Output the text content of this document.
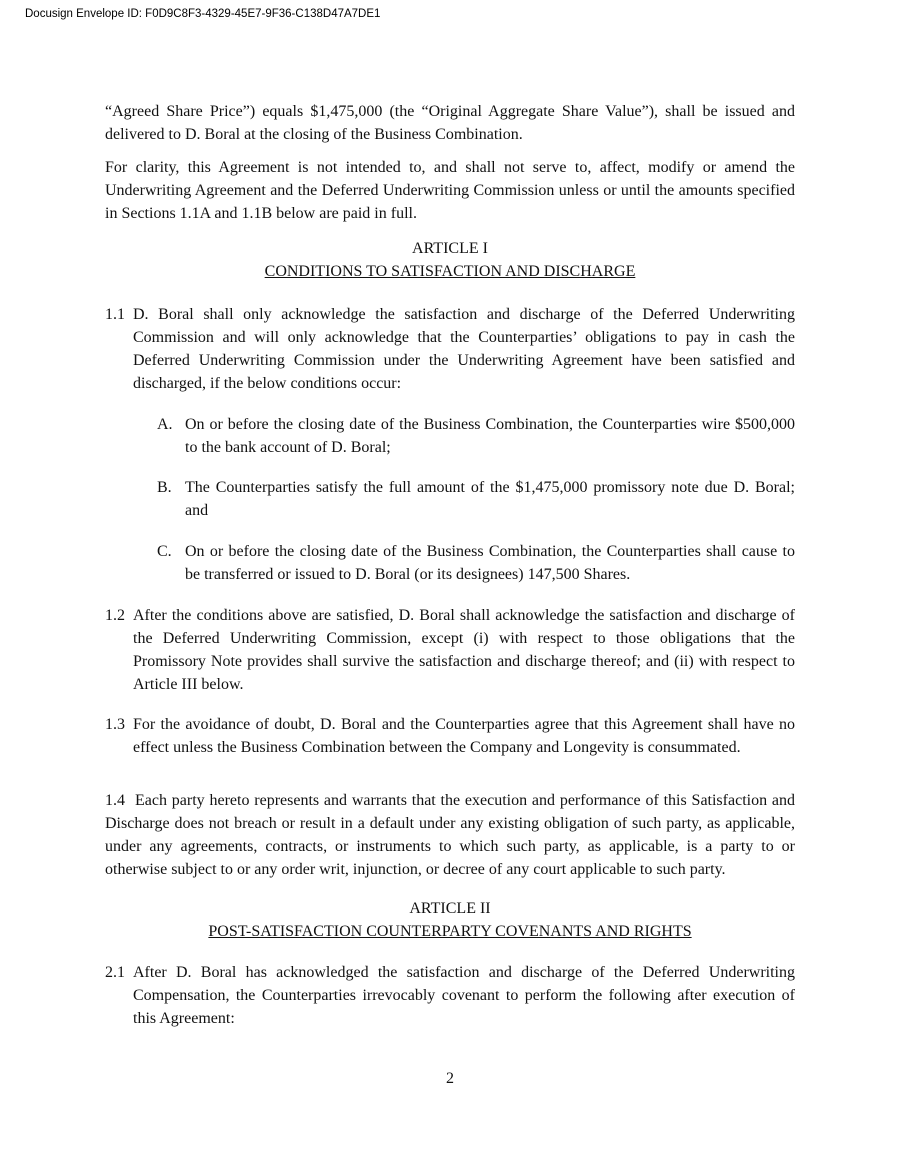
Docusign Envelope ID: F0D9C8F3-4329-45E7-9F36-C138D47A7DE1

“Agreed Share Price”) equals $1,475,000 (the “Original Aggregate Share Value”), shall be issued and delivered to D. Boral at the closing of the Business Combination.

For clarity, this Agreement is not intended to, and shall not serve to, affect, modify or amend the Underwriting Agreement and the Deferred Underwriting Commission unless or until the amounts specified in Sections 1.1A and 1.1B below are paid in full.

ARTICLE I
CONDITIONS TO SATISFACTION AND DISCHARGE
1.1 D. Boral shall only acknowledge the satisfaction and discharge of the Deferred Underwriting Commission and will only acknowledge that the Counterparties’ obligations to pay in cash the Deferred Underwriting Commission under the Underwriting Agreement have been satisfied and discharged, if the below conditions occur:
A. On or before the closing date of the Business Combination, the Counterparties wire $500,000 to the bank account of D. Boral;
B. The Counterparties satisfy the full amount of the $1,475,000 promissory note due D. Boral; and
C. On or before the closing date of the Business Combination, the Counterparties shall cause to be transferred or issued to D. Boral (or its designees) 147,500 Shares.
1.2 After the conditions above are satisfied, D. Boral shall acknowledge the satisfaction and discharge of the Deferred Underwriting Commission, except (i) with respect to those obligations that the Promissory Note provides shall survive the satisfaction and discharge thereof; and (ii) with respect to Article III below.
1.3 For the avoidance of doubt, D. Boral and the Counterparties agree that this Agreement shall have no effect unless the Business Combination between the Company and Longevity is consummated.

1.4 Each party hereto represents and warrants that the execution and performance of this Satisfaction and Discharge does not breach or result in a default under any existing obligation of such party, as applicable, under any agreements, contracts, or instruments to which such party, as applicable, is a party to or otherwise subject to or any order writ, injunction, or decree of any court applicable to such party.

ARTICLE II
POST-SATISFACTION COUNTERPARTY COVENANTS AND RIGHTS
2.1 After D. Boral has acknowledged the satisfaction and discharge of the Deferred Underwriting Compensation, the Counterparties irrevocably covenant to perform the following after execution of this Agreement:
2
